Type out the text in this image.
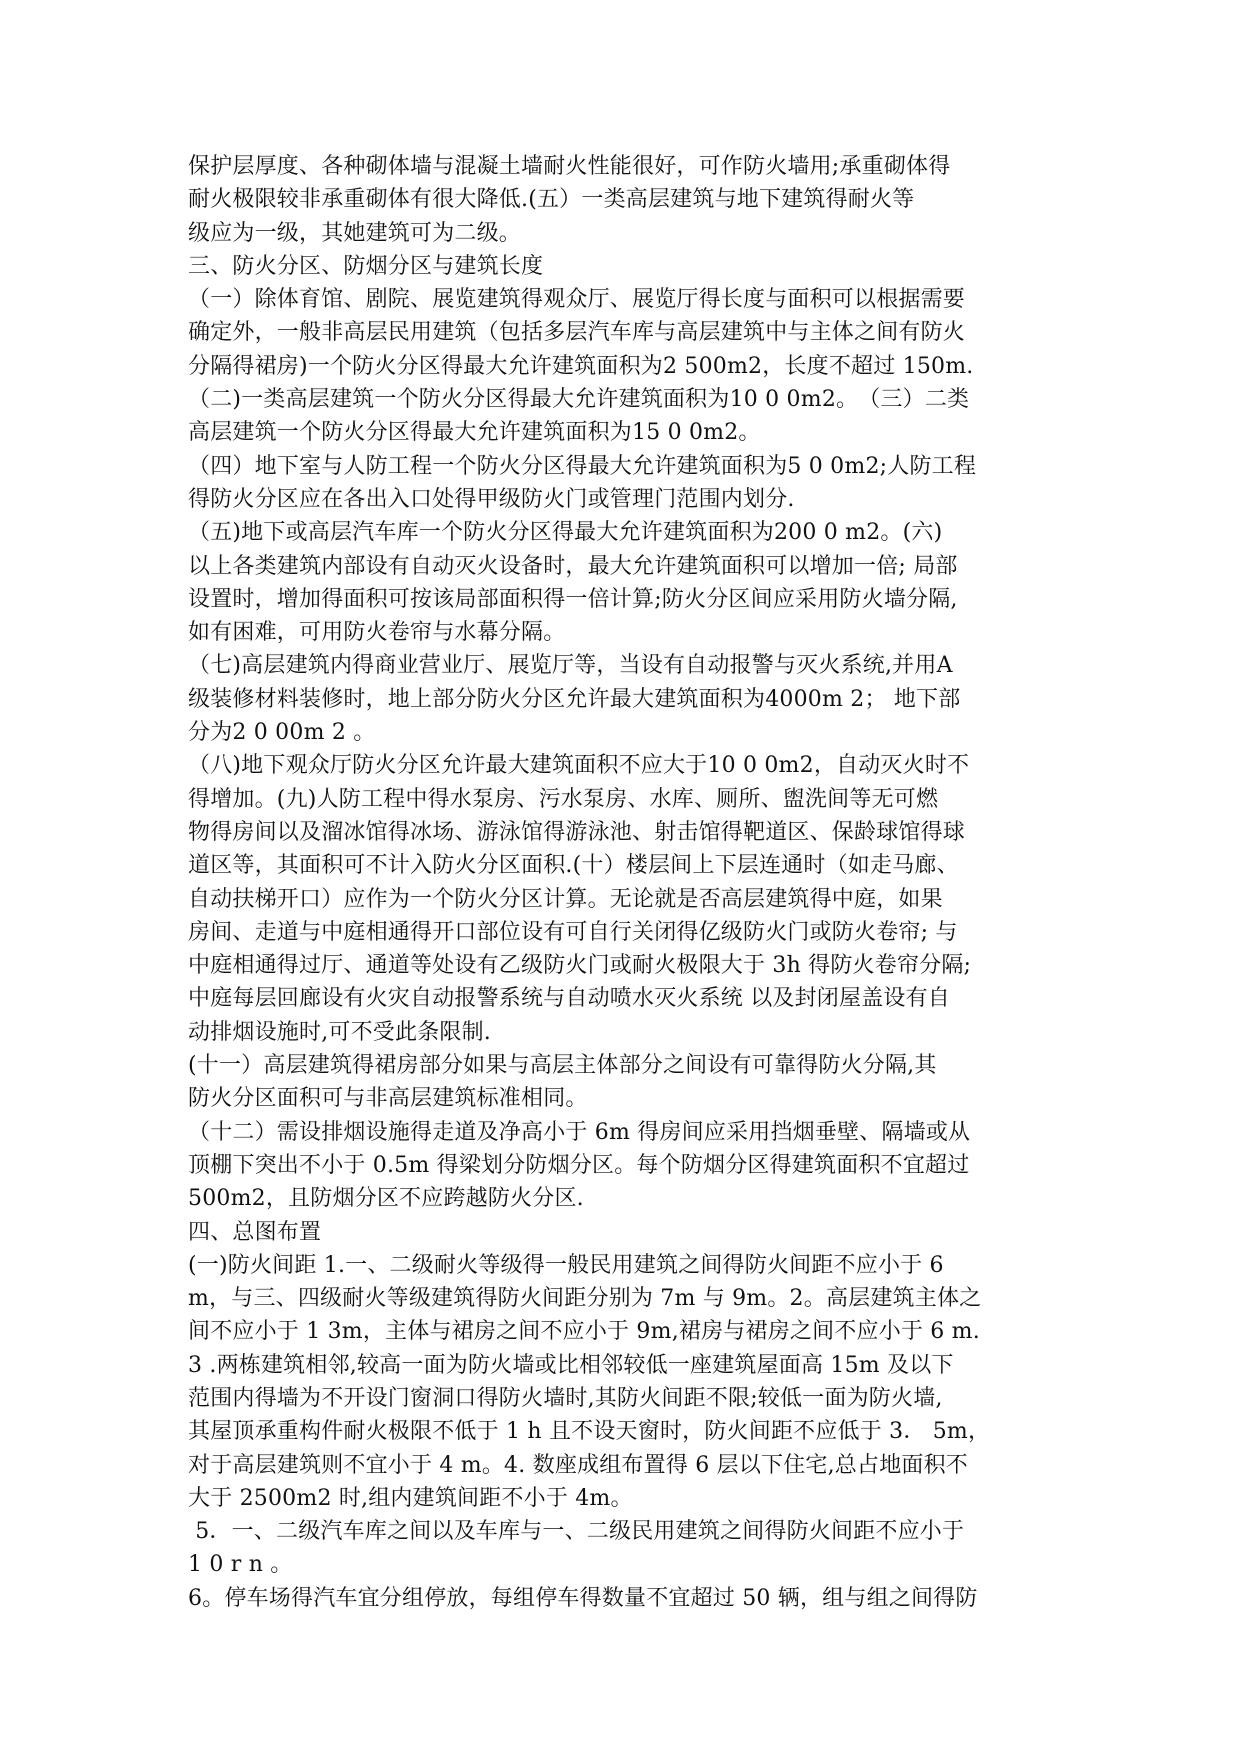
保护层厚度、各种砌体墙与混凝土墙耐火性能很好，可作防火墙用;承重砌体得
耐火极限较非承重砌体有很大降低.﻿(五）一类高层建筑与地下建筑得耐火等
级应为一级，其她建筑可为二级。
三、防火分区、防烟分区与建筑长度
（一）除体育馆、剧院、展览建筑得观众厅、展览厅得长度与面积可以根据需要
确定外，一般非高层民用建筑（包括多层汽车库与高层建筑中与主体之间有防火
分隔得裙房)一个防火分区得最大允许建筑面积为2 500m2，长度不超过 150m.﻿
（二)一类高层建筑一个防火分区得最大允许建筑面积为10 0 0m2。﻿（三）二类
高层建筑一个防火分区得最大允许建筑面积为15 0 0m2。
（四）地下室与人防工程一个防火分区得最大允许建筑面积为5 0 0m2;人防工程
得防火分区应在各出入口处得甲级防火门或管理门范围内划分.
（五)地下或高层汽车库一个防火分区得最大允许建筑面积为200 0 m2。﻿(六)
以上各类建筑内部设有自动灭火设备时，最大允许建筑面积可以增加一倍; 局部
设置时，增加得面积可按该局部面积得一倍计算;防火分区间应采用防火墙分隔,
如有困难，可用防火卷帘与水幕分隔。
（七)高层建筑内得商业营业厅、展览厅等，当设有自动报警与灭火系统,并用A
级装修材料装修时，地上部分防火分区允许最大建筑面积为4000m 2； 地下部
分为2 0 00m 2 。
（八)地下观众厅防火分区允许最大建筑面积不应大于10 0 0m2，自动灭火时不
得增加。﻿(九)人防工程中得水泵房、污水泵房、水库、厕所、盥洗间等无可燃
物得房间以及溜冰馆得冰场、游泳馆得游泳池、射击馆得靶道区、保龄球馆得球
道区等，其面积可不计入防火分区面积.﻿(十）楼层间上下层连通时（如走马廊、
自动扶梯开口）应作为一个防火分区计算。﻿无论就是否高层建筑得中庭，如果
房间、走道与中庭相通得开口部位设有可自行关闭得亿级防火门或防火卷帘; 与
中庭相通得过厅、通道等处设有乙级防火门或耐火极限大于 3h 得防火卷帘分隔;
中庭每层回廊设有火灾自动报警系统与自动喷水灭火系统 以及封闭屋盖设有自
动排烟设施时,可不受此条限制.
(十一）高层建筑得裙房部分如果与高层主体部分之间设有可靠得防火分隔,其
防火分区面积可与非高层建筑标准相同。
（十二）需设排烟设施得走道及净高小于 6m 得房间应采用挡烟垂壁、隔墙或从
顶棚下突出不小于 0.5m 得梁划分防烟分区。每个防烟分区得建筑面积不宜超过
500m2，且防烟分区不应跨越防火分区.
四、总图布置
(一)防火间距 1﻿.一、二级耐火等级得一般民用建筑之间得防火间距不应小于 6
m，与三、四级耐火等级建筑得防火间距分别为 7m 与 9m。2﻿。高层建筑主体之
间不应小于 1 3m，主体与裙房之间不应小于 9m,裙房与裙房之间不应小于 6 m.﻿
3 .两栋建筑相邻,较高一面为防火墙或比相邻较低一座建筑屋面高 15m 及以下
范围内得墙为不开设门窗洞口得防火墙时,其防火间距不限;较低一面为防火墙,
其屋顶承重构件耐火极限不低于 1 h 且不设天窗时，防火间距不应低于 3． 5m，
对于高层建筑则不宜小于 4 m。4﻿. 数座成组布置得 6 层以下住宅,总占地面积不
大于 2500m2 时,组内建筑间距不小于 4m。
5．一、二级汽车库之间以及车库与一、二级民用建筑之间得防火间距不应小于
1 0 r n 。
6。停车场得汽车宜分组停放，每组停车得数量不宜超过 50 辆，组与组之间得防
